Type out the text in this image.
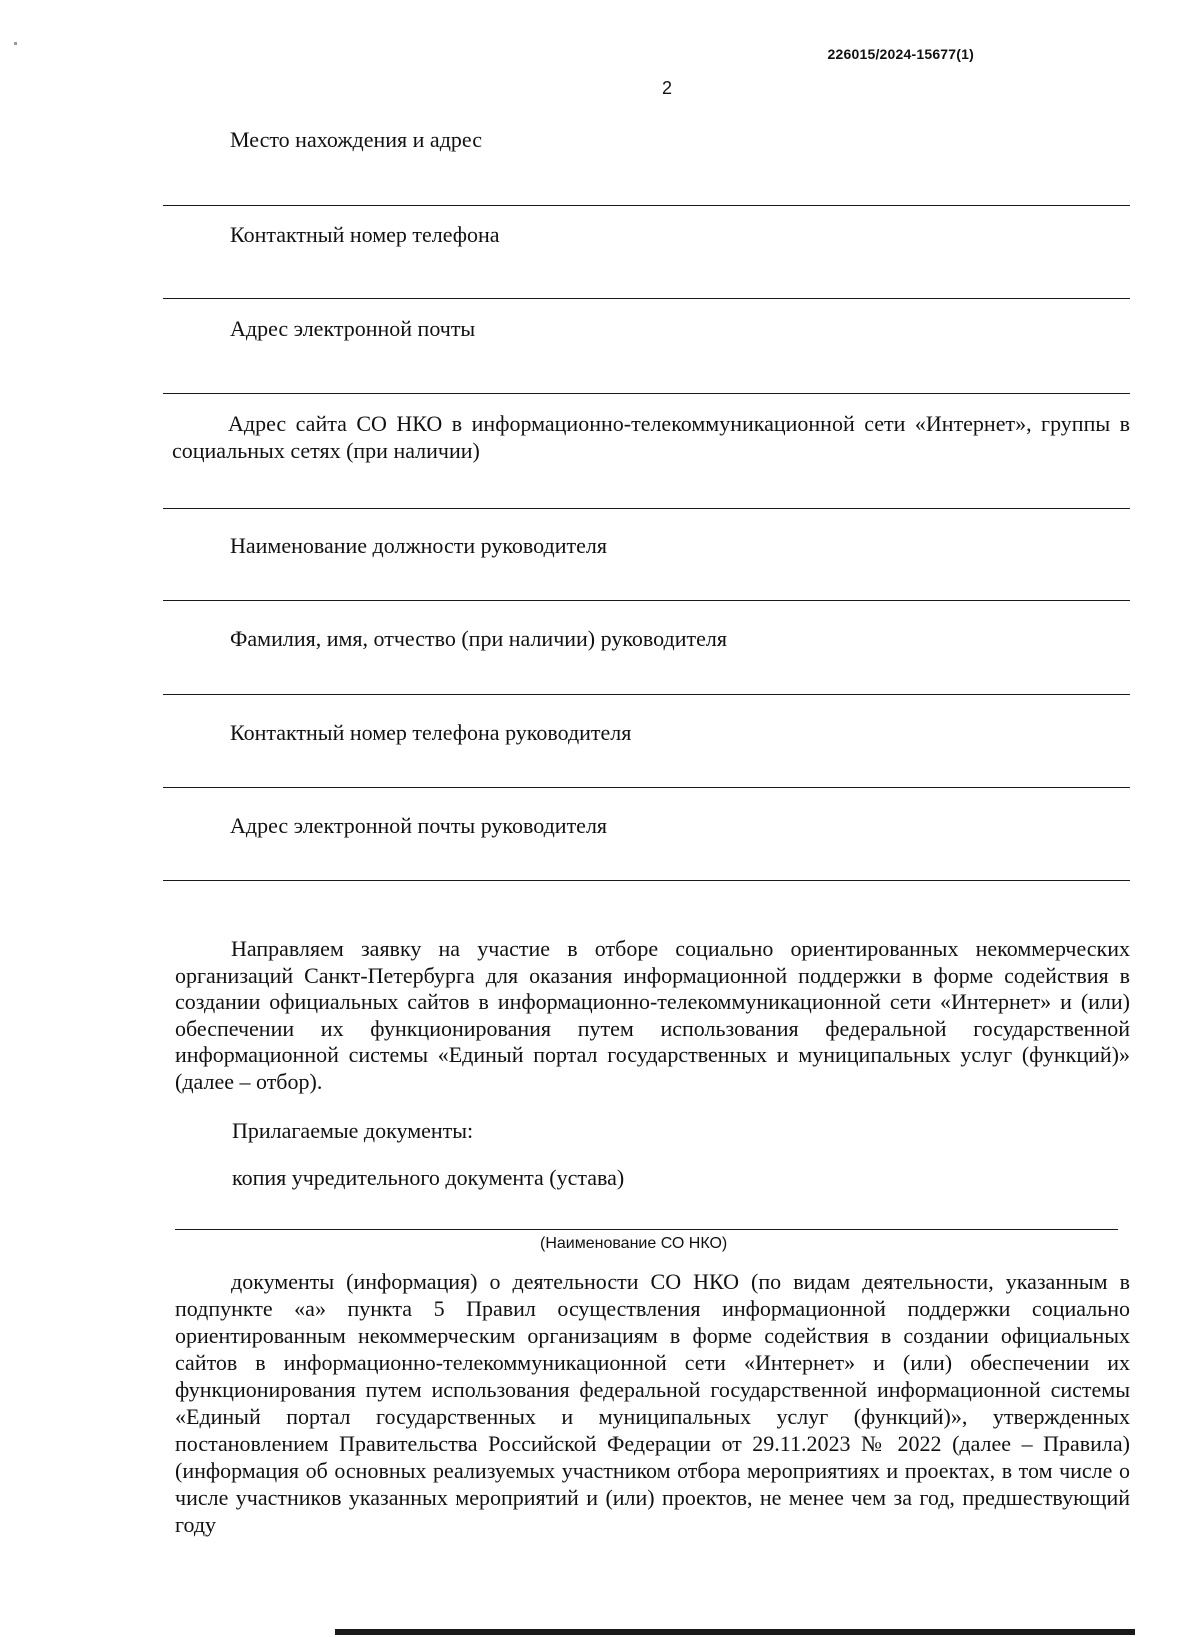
226015/2024-15677(1)
2
Место нахождения и адрес
Контактный номер телефона
Адрес электронной почты
Адрес сайта СО НКО в информационно-телекоммуникационной сети «Интернет», группы в социальных сетях (при наличии)
Наименование должности руководителя
Фамилия, имя, отчество (при наличии) руководителя
Контактный номер телефона руководителя
Адрес электронной почты руководителя
Направляем заявку на участие в отборе социально ориентированных некоммерческих организаций Санкт-Петербурга для оказания информационной поддержки в форме содействия в создании официальных сайтов в информационно-телекоммуникационной сети «Интернет» и (или) обеспечении их функционирования путем использования федеральной государственной информационной системы «Единый портал государственных и муниципальных услуг (функций)» (далее – отбор).
Прилагаемые документы:
копия учредительного документа (устава)
(Наименование СО НКО)
документы (информация) о деятельности СО НКО (по видам деятельности, указанным в подпункте «а» пункта 5 Правил осуществления информационной поддержки социально ориентированным некоммерческим организациям в форме содействия в создании официальных сайтов в информационно-телекоммуникационной сети «Интернет» и (или) обеспечении их функционирования путем использования федеральной государственной информационной системы «Единый портал государственных и муниципальных услуг (функций)», утвержденных постановлением Правительства Российской Федерации от 29.11.2023 № 2022 (далее – Правила) (информация об основных реализуемых участником отбора мероприятиях и проектах, в том числе о числе участников указанных мероприятий и (или) проектов, не менее чем за год, предшествующий году
